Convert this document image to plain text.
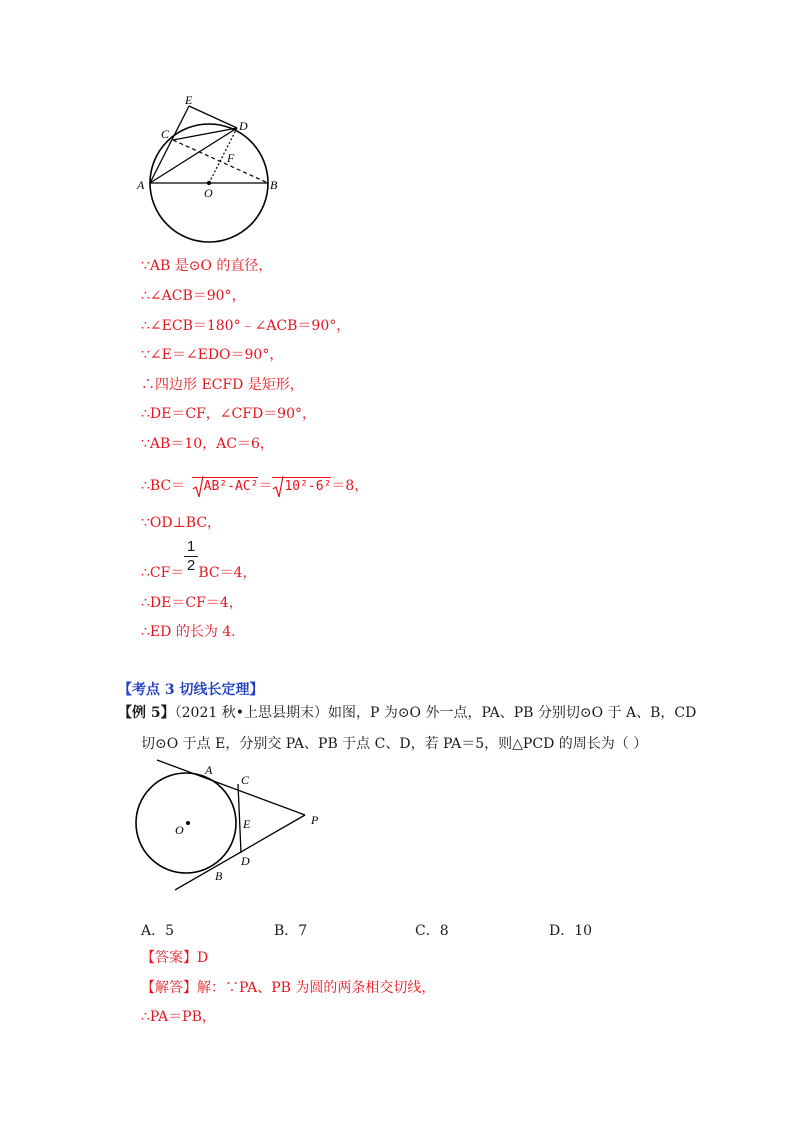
E
C
D
F
A	B
O
∵AB 是⊙O 的直径，
∴∠ACB＝90°，
∴∠ECB＝180°﹣∠ACB＝90°，
∵∠E＝∠EDO＝90°，
∴四边形 ECFD 是矩形，
∴DE＝CF，∠CFD＝90°，
∵AB＝10，AC＝6，
∴BC＝ AB²-AC²＝ 10²-6²＝8，
∵OD⊥BC，
1
2
∴CF＝ BC＝4，
∴DE＝CF＝4，
∴ED 的长为 4.
【考点 3 切线长定理】
【例 5】（2021 秋•上思县期末）如图，P 为⊙O 外一点，PA、PB 分别切⊙O 于 A、B，CD
切⊙O 于点 E，分别交 PA、PB 于点 C、D，若 PA＝5，则△PCD 的周长为（ ）
A
C
E	P
O
D
B
A．5	B．7	C．8	D．10
【答案】D
【解答】解：∵PA、PB 为圆的两条相交切线，
∴PA＝PB，
